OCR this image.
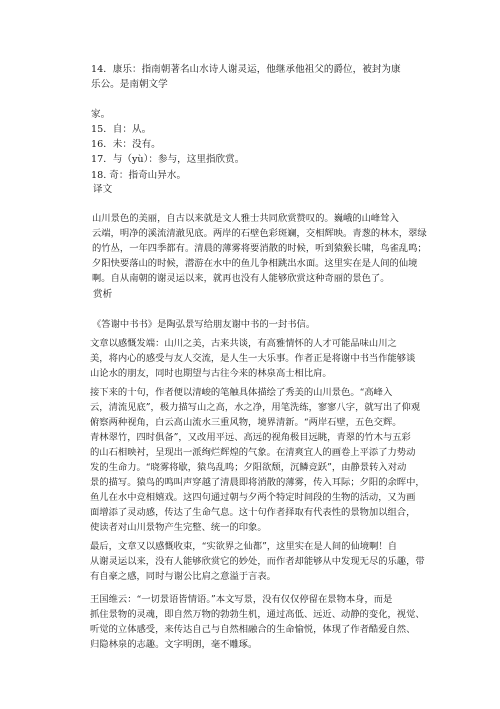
14．康乐：指南朝著名山水诗人谢灵运，他继承他祖父的爵位，被封为康

乐公。是南朝文学

家。

15．自：从。

16．未：没有。

17．与（yù）：参与，这里指欣赏。

18. 奇：指奇山异水。

译文

山川景色的美丽，自古以来就是文人雅士共同欣赏赞叹的。巍峨的山峰耸入

云端，明净的溪流清澈见底。两岸的石壁色彩斑斓，交相辉映。青葱的林木，翠绿

的竹丛，一年四季都有。清晨的薄雾将要消散的时候，听到猿猴长啸，鸟雀乱鸣；

夕阳快要落山的时候，潜游在水中的鱼儿争相跳出水面。这里实在是人间的仙境

啊。自从南朝的谢灵运以来，就再也没有人能够欣赏这种奇丽的景色了。

赏析

《答谢中书书》是陶弘景写给朋友谢中书的一封书信。

文章以感慨发端：山川之美，古来共谈，有高雅情怀的人才可能品味山川之

美，将内心的感受与友人交流，是人生一大乐事。作者正是将谢中书当作能够谈

山论水的朋友，同时也期望与古往今来的林泉高士相比肩。

接下来的十句，作者便以清峻的笔触具体描绘了秀美的山川景色。“高峰入

云，清流见底”，极力描写山之高，水之净，用笔洗练，寥寥八字，就写出了仰观

俯察两种视角，白云高山流水三重风物，境界清新。“两岸石壁，五色交辉。

青林翠竹，四时俱备”，又改用平远、高远的视角极目远眺，青翠的竹木与五彩

的山石相映衬，呈现出一派绚烂辉煌的气象。在清爽宜人的画卷上平添了力势动

发的生命力。“晓雾将歇，猿鸟乱鸣；夕阳欲颓，沉鳞竞跃”，由静景转入对动

景的描写。猿鸟的鸣叫声穿越了清晨即将消散的薄雾，传入耳际；夕阳的余晖中，

鱼儿在水中竞相嬉戏。这四句通过朝与夕两个特定时间段的生物的活动，又为画

面增添了灵动感，传达了生命气息。这十句作者择取有代表性的景物加以组合，

使读者对山川景物产生完整、统一的印象。

最后，文章又以感慨收束，“实欲界之仙都”，这里实在是人间的仙境啊！自

从谢灵运以来，没有人能够欣赏它的妙处，而作者却能够从中发现无尽的乐趣，带

有自豪之感，同时与谢公比肩之意溢于言表。

王国维云：“一切景语皆情语。”本文写景，没有仅仅停留在景物本身，而是

抓住景物的灵魂，即自然万物的勃勃生机，通过高低、远近、动静的变化，视觉、

听觉的立体感受，来传达自己与自然相融合的生命愉悦，体现了作者酷爱自然、

归隐林泉的志趣。文字明朗，毫不雕琢。
